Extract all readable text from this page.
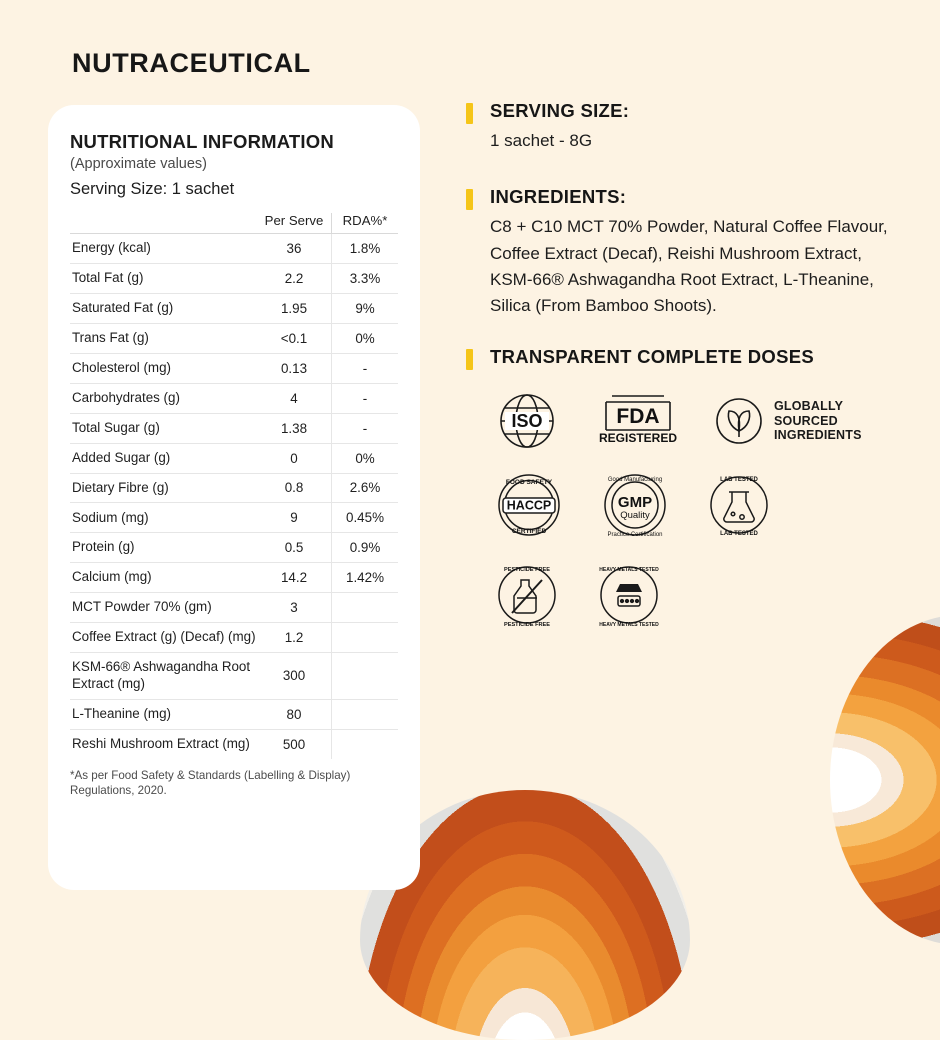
NUTRACEUTICAL
NUTRITIONAL INFORMATION
(Approximate values)
Serving Size: 1 sachet
	Per Serve	RDA%*
Energy (kcal)	36	1.8%
Total Fat (g)	2.2	3.3%
Saturated Fat (g)	1.95	9%
Trans Fat (g)	<0.1	0%
Cholesterol (mg)	0.13	-
Carbohydrates (g)	4	-
Total Sugar (g)	1.38	-
Added Sugar (g)	0	0%
Dietary Fibre (g)	0.8	2.6%
Sodium (mg)	9	0.45%
Protein (g)	0.5	0.9%
Calcium (mg)	14.2	1.42%
MCT Powder 70% (gm)	3	
Coffee Extract (g) (Decaf) (mg)	1.2	
KSM-66® Ashwagandha Root Extract (mg)	300	
L-Theanine (mg)	80	
Reshi Mushroom Extract (mg)	500	
*As per Food Safety & Standards (Labelling & Display) Regulations, 2020.
SERVING SIZE:
1 sachet - 8G
INGREDIENTS:
C8 + C10 MCT 70% Powder, Natural Coffee Flavour, Coffee Extract (Decaf), Reishi Mushroom Extract, KSM-66® Ashwagandha Root Extract, L-Theanine, Silica (From Bamboo Shoots).
TRANSPARENT COMPLETE DOSES
ISO	FDA
REGISTERED
GLOBALLY
SOURCED
INGREDIENTS
HACCP
FOOD SAFETY
CERTIFIED
GMP
Quality
Good Manufacturing
Practice Certification
LAB TESTED
LAB TESTED
PESTICIDE FREE
PESTICIDE FREE
HEAVY METALS TESTED
HEAVY METALS TESTED
